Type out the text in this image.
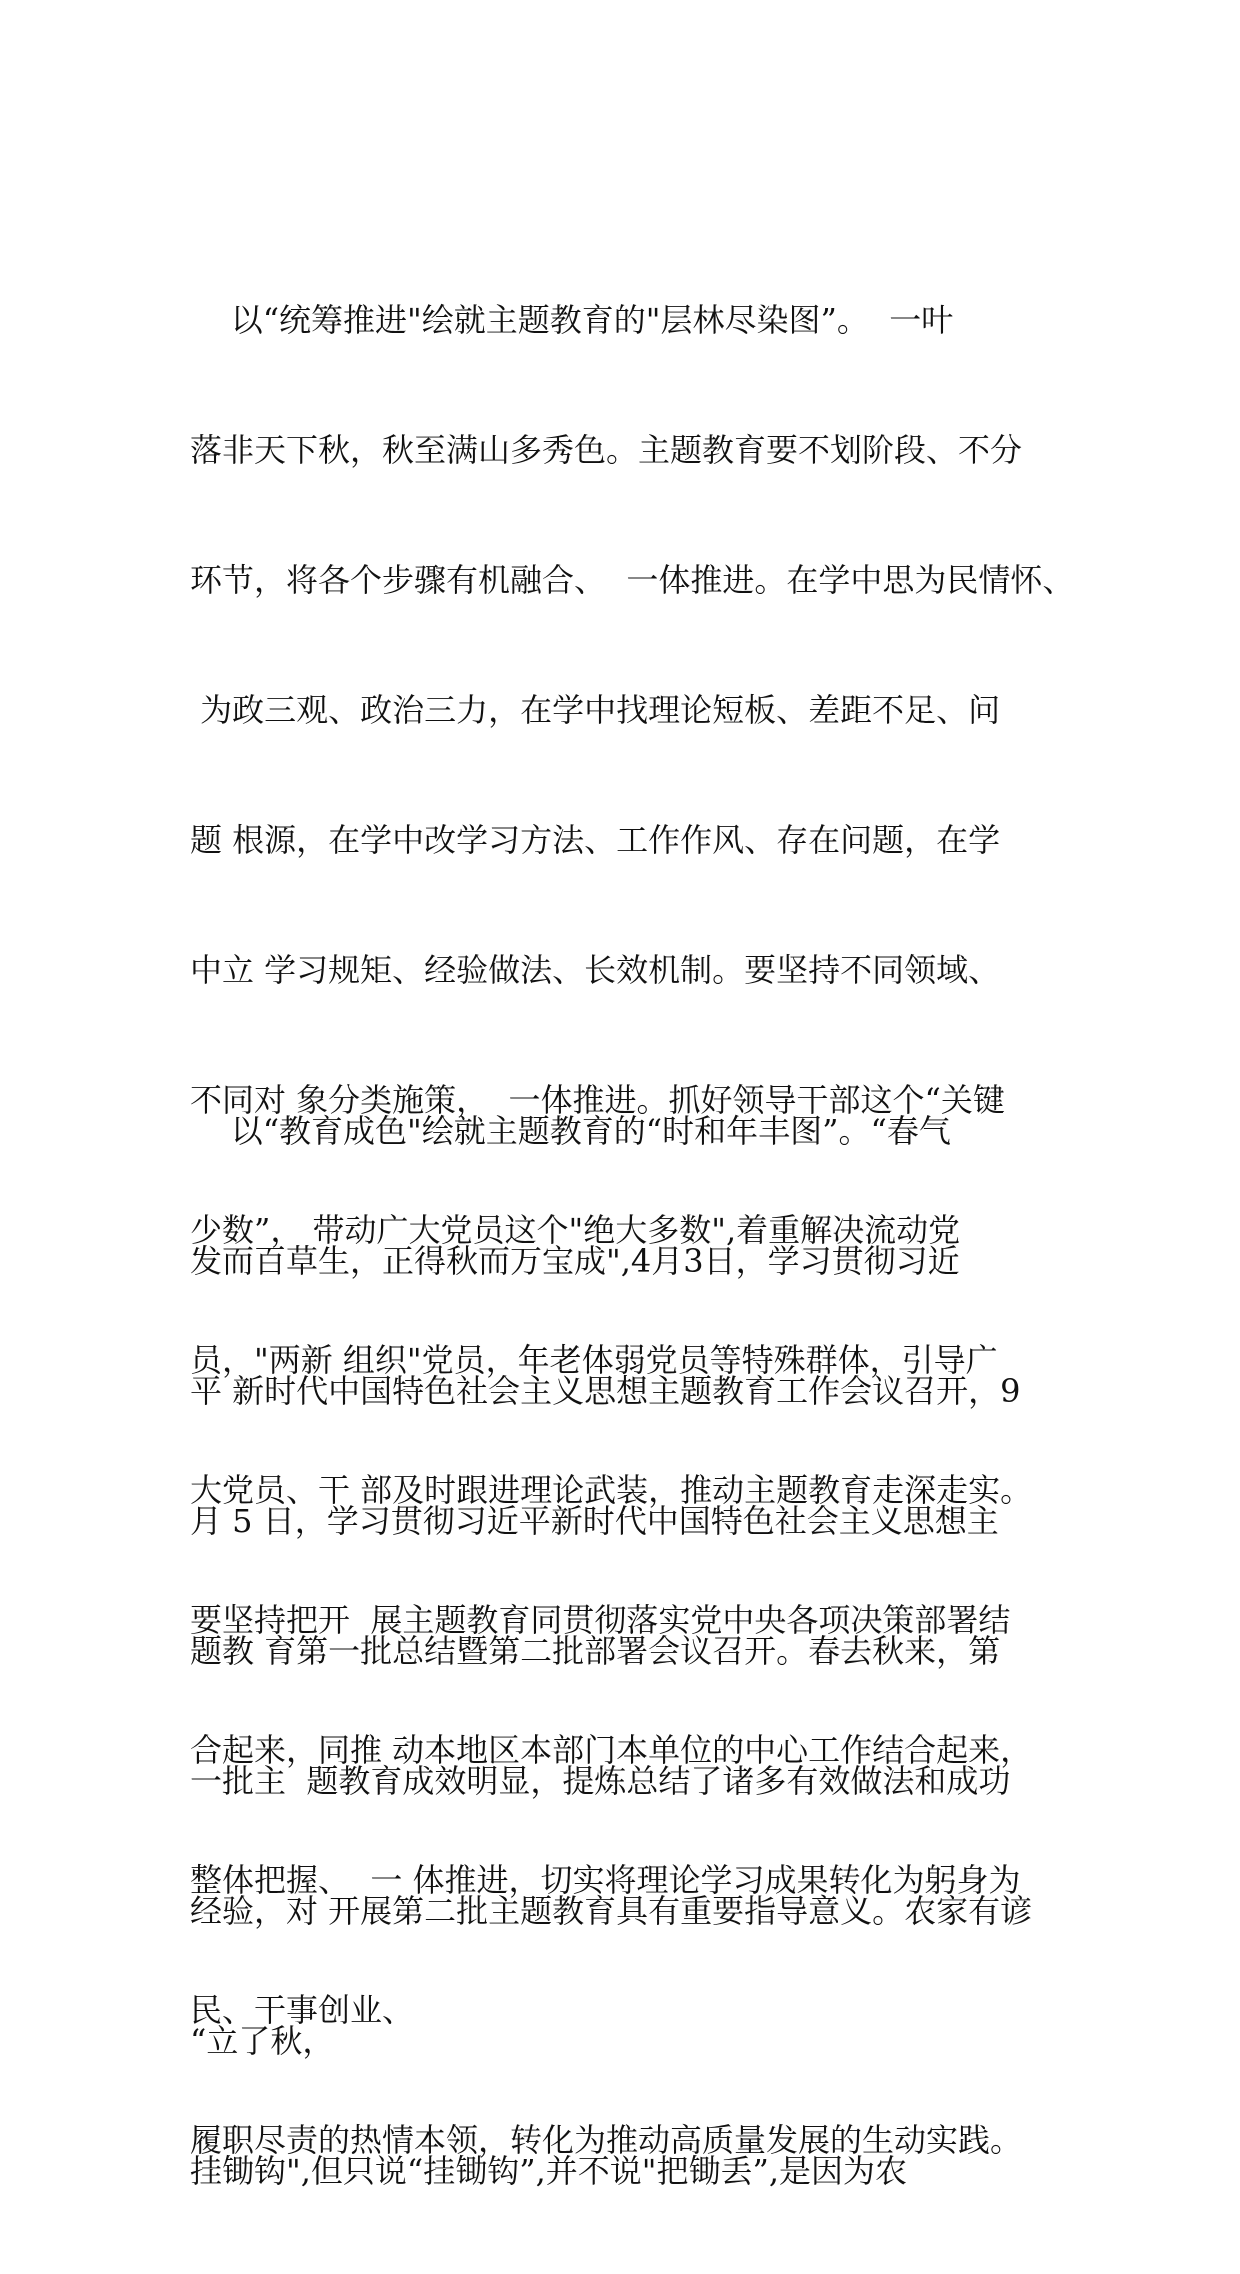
以“统筹推进"绘就主题教育的"层林尽染图”。  一叶

落非天下秋，秋至满山多秀色。主题教育要不划阶段、不分

环节，将各个步骤有机融合、  一体推进。在学中思为民情怀、

为政三观、政治三力，在学中找理论短板、差距不足、问

题 根源，在学中改学习方法、工作作风、存在问题，在学

中立 学习规矩、经验做法、长效机制。要坚持不同领域、

不同对 象分类施策，  一体推进。抓好领导干部这个“关键

少数”， 带动广大党员这个"绝大多数",着重解决流动党

员，"两新 组织"党员，年老体弱党员等特殊群体，引导广

大党员、干 部及时跟进理论武装，推动主题教育走深走实。

要坚持把开  展主题教育同贯彻落实党中央各项决策部署结

合起来，同推 动本地区本部门本单位的中心工作结合起来，

整体把握、  一 体推进，切实将理论学习成果转化为躬身为

民、干事创业、

履职尽责的热情本领，转化为推动高质量发展的生动实践。

以“教育成色"绘就主题教育的“时和年丰图”。“春气

发而百草生，正得秋而万宝成",4月3日，学习贯彻习近

平 新时代中国特色社会主义思想主题教育工作会议召开，9

月 5 日，学习贯彻习近平新时代中国特色社会主义思想主

题教 育第一批总结暨第二批部署会议召开。春去秋来，第

一批主  题教育成效明显，提炼总结了诸多有效做法和成功

经验，对 开展第二批主题教育具有重要指导意义。农家有谚

“立了秋，

挂锄钩",但只说“挂锄钩”,并不说"把锄丢”,是因为农
